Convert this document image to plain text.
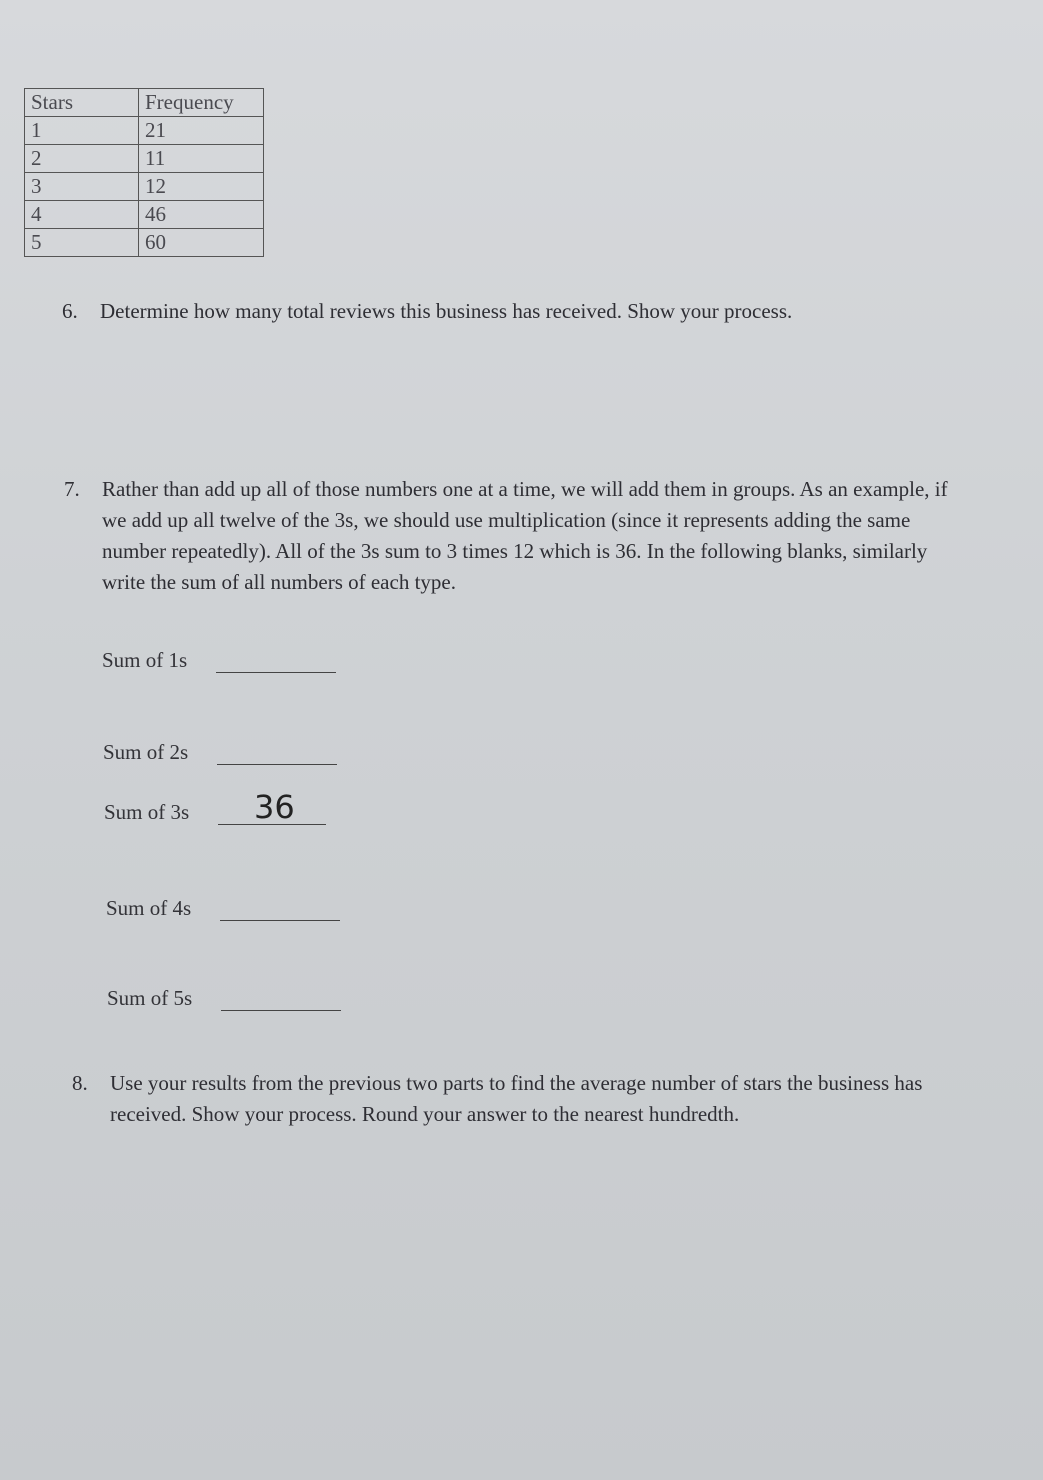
Stars	Frequency
1	21
2	11
3	12
4	46
5	60
6. Determine how many total reviews this business has received. Show your process.
7. Rather than add up all of those numbers one at a time, we will add them in groups. As an example, if we add up all twelve of the 3s, we should use multiplication (since it represents adding the same number repeatedly). All of the 3s sum to 3 times 12 which is 36. In the following blanks, similarly write the sum of all numbers of each type.
Sum of 1s
Sum of 2s
Sum of 3s 36
Sum of 4s
Sum of 5s
8. Use your results from the previous two parts to find the average number of stars the business has received. Show your process. Round your answer to the nearest hundredth.
